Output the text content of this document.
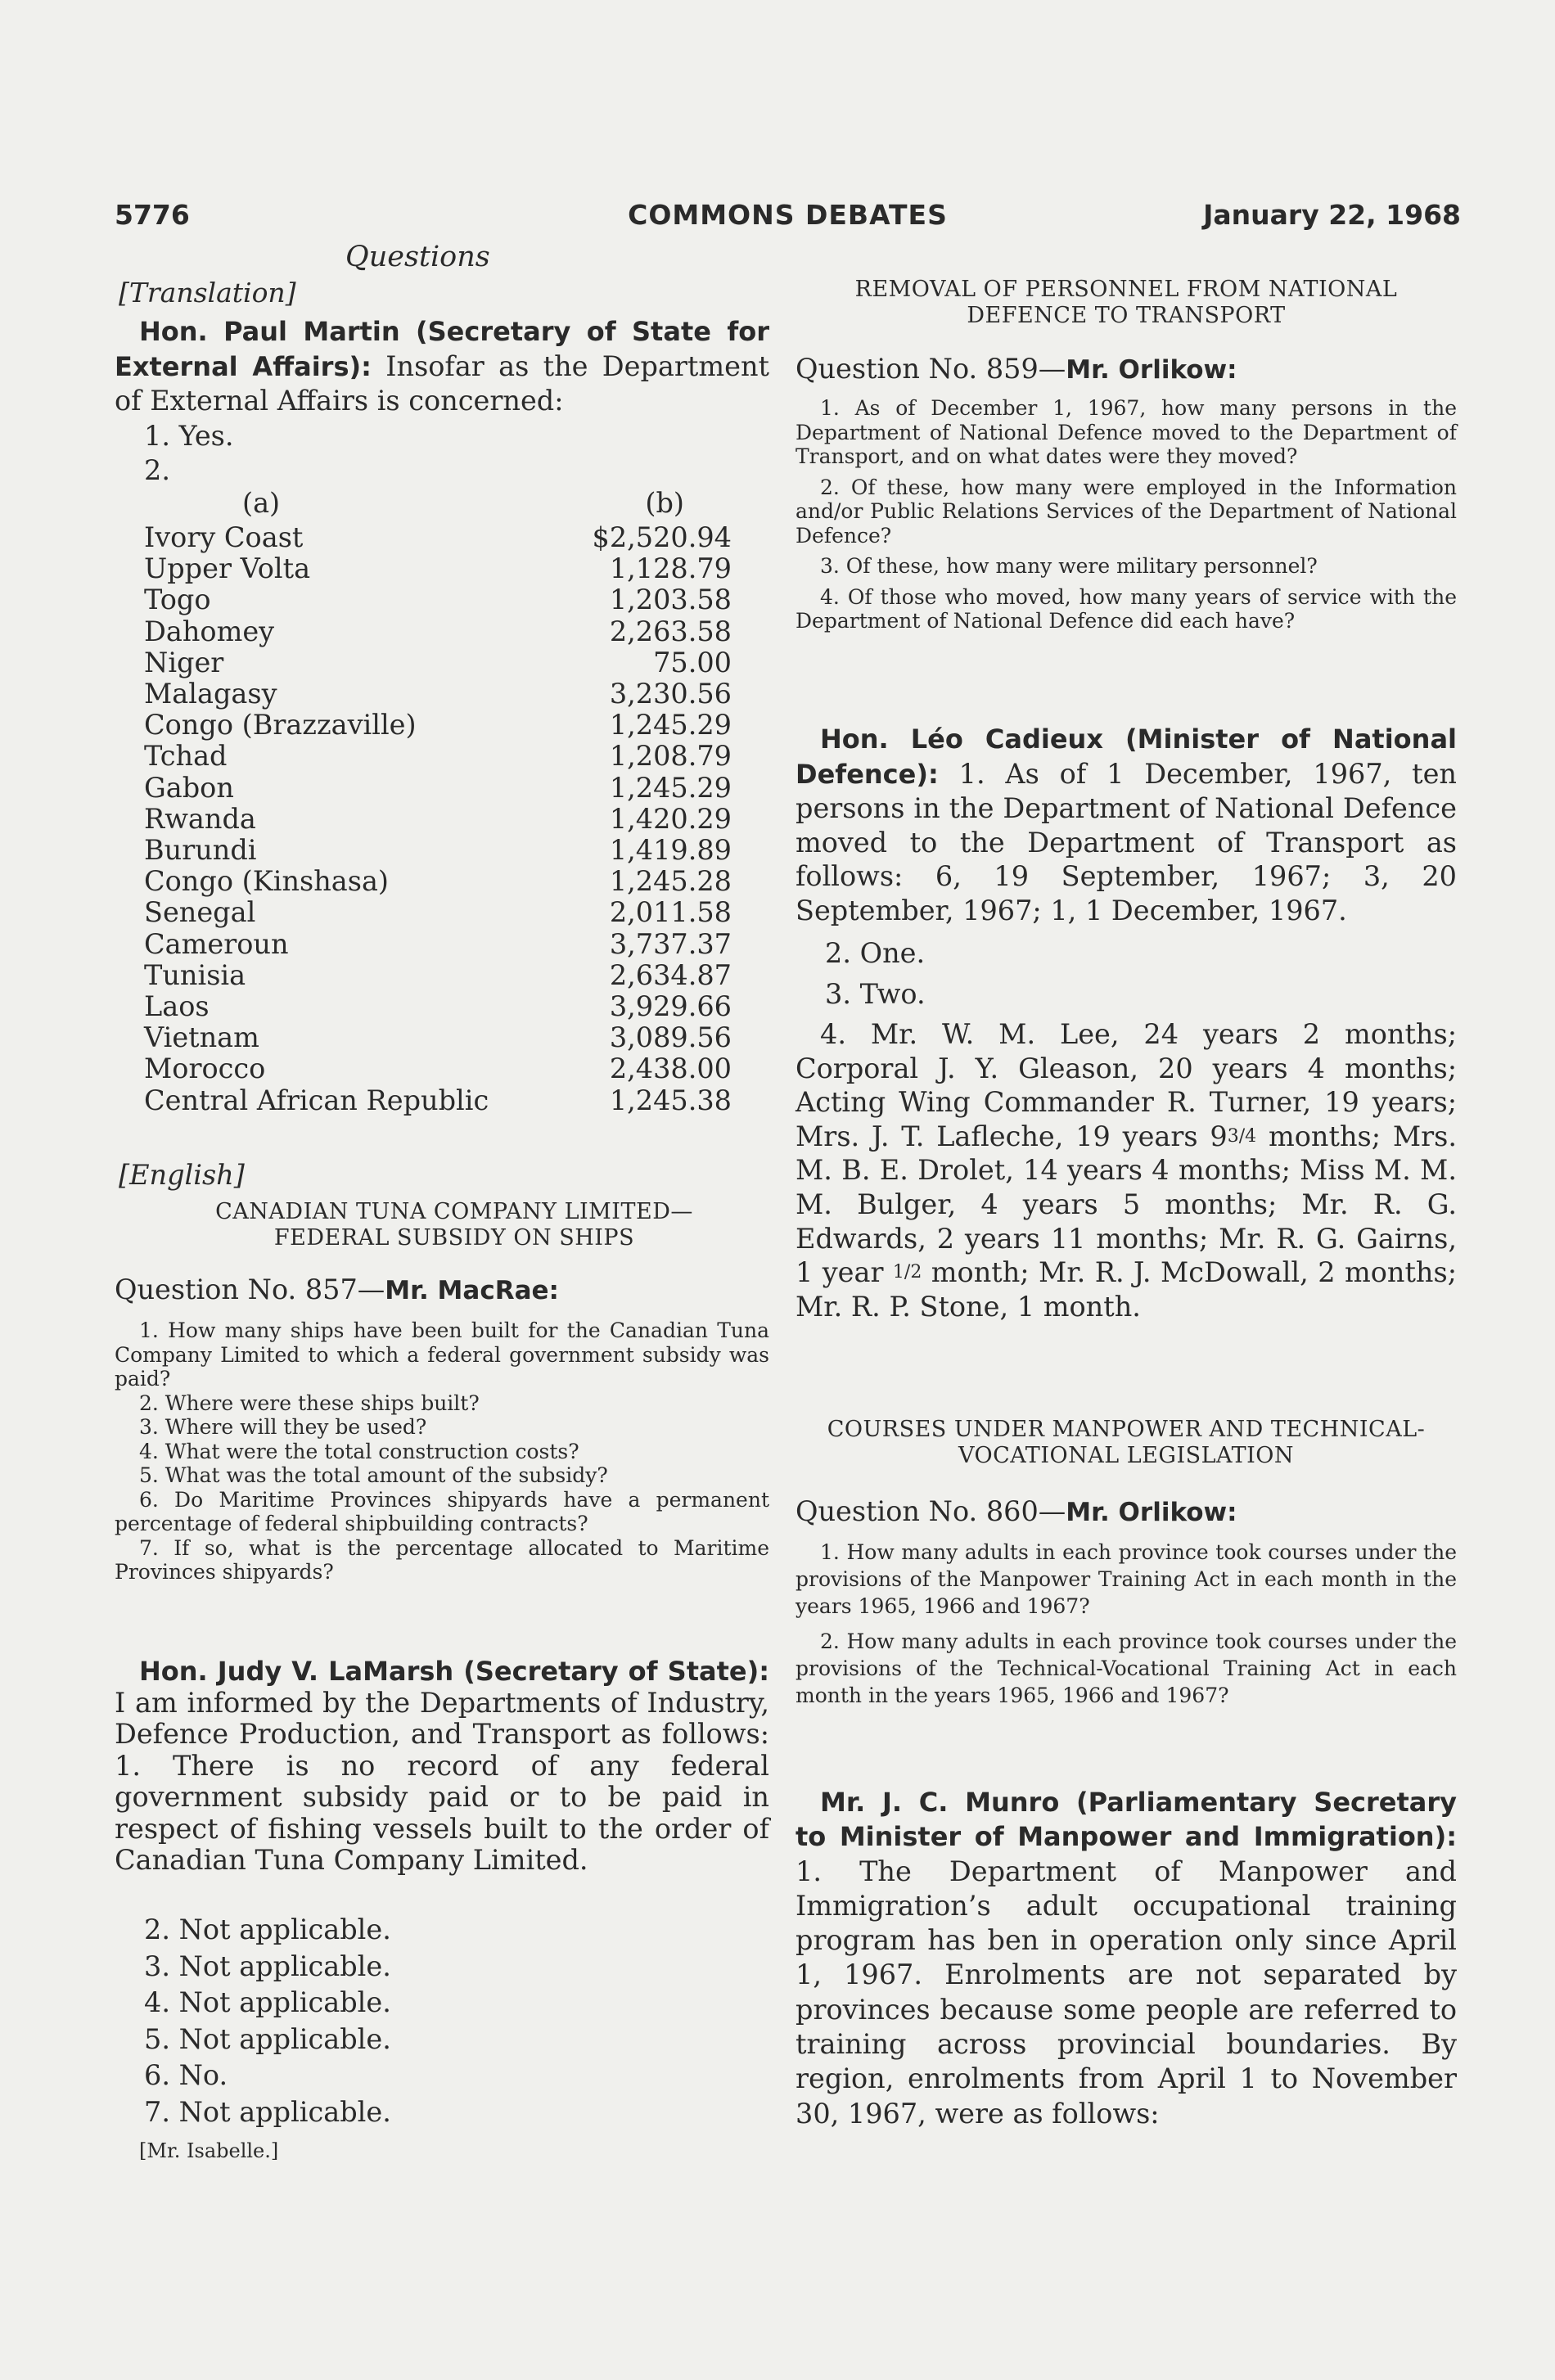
5776	COMMONS DEBATES	January 22, 1968
Questions
[Translation]

Hon. Paul Martin (Secretary of State for External Affairs): Insofar as the Department of External Affairs is concerned:

1. Yes.

2.

(a)	(b)
Ivory Coast	$2,520.94
Upper Volta	1,128.79
Togo	1,203.58
Dahomey	2,263.58
Niger	75.00
Malagasy	3,230.56
Congo (Brazzaville)	1,245.29
Tchad	1,208.79
Gabon	1,245.29
Rwanda	1,420.29
Burundi	1,419.89
Congo (Kinshasa)	1,245.28
Senegal	2,011.58
Cameroun	3,737.37
Tunisia	2,634.87
Laos	3,929.66
Vietnam	3,089.56
Morocco	2,438.00
Central African Republic	1,245.38
[English]
CANADIAN TUNA COMPANY LIMITED—
FEDERAL SUBSIDY ON SHIPS

Question No. 857—Mr. MacRae:

1. How many ships have been built for the Canadian Tuna Company Limited to which a federal government subsidy was paid?

2. Where were these ships built?

3. Where will they be used?

4. What were the total construction costs?

5. What was the total amount of the subsidy?

6. Do Maritime Provinces shipyards have a permanent percentage of federal shipbuilding contracts?

7. If so, what is the percentage allocated to Maritime Provinces shipyards?

Hon. Judy V. LaMarsh (Secretary of State): I am informed by the Departments of Industry, Defence Production, and Transport as follows: 1. There is no record of any federal government subsidy paid or to be paid in respect of fishing vessels built to the order of Canadian Tuna Company Limited.

2. Not applicable.

3. Not applicable.

4. Not applicable.

5. Not applicable.

6. No.

7. Not applicable.

[Mr. Isabelle.]
REMOVAL OF PERSONNEL FROM NATIONAL
DEFENCE TO TRANSPORT

Question No. 859—Mr. Orlikow:

1. As of December 1, 1967, how many persons in the Department of National Defence moved to the Department of Transport, and on what dates were they moved?

2. Of these, how many were employed in the Information and/or Public Relations Services of the Department of National Defence?

3. Of these, how many were military personnel?

4. Of those who moved, how many years of service with the Department of National Defence did each have?

Hon. Léo Cadieux (Minister of National Defence): 1. As of 1 December, 1967, ten persons in the Department of National Defence moved to the Department of Transport as follows: 6, 19 September, 1967; 3, 20 September, 1967; 1, 1 December, 1967.

2. One.

3. Two.

4. Mr. W. M. Lee, 24 years 2 months; Corporal J. Y. Gleason, 20 years 4 months; Acting Wing Commander R. Turner, 19 years; Mrs. J. T. Lafleche, 19 years 93/4 months; Mrs. M. B. E. Drolet, 14 years 4 months; Miss M. M. M. Bulger, 4 years 5 months; Mr. R. G. Edwards, 2 years 11 months; Mr. R. G. Gairns, 1 year 1/2 month; Mr. R. J. McDowall, 2 months; Mr. R. P. Stone, 1 month.

COURSES UNDER MANPOWER AND TECHNICAL-
VOCATIONAL LEGISLATION

Question No. 860—Mr. Orlikow:

1. How many adults in each province took courses under the provisions of the Manpower Training Act in each month in the years 1965, 1966 and 1967?

2. How many adults in each province took courses under the provisions of the Technical-Vocational Training Act in each month in the years 1965, 1966 and 1967?

Mr. J. C. Munro (Parliamentary Secretary to Minister of Manpower and Immigration): 1. The Department of Manpower and Immigration’s adult occupational training program has ben in operation only since April 1, 1967. Enrolments are not separated by provinces because some people are referred to training across provincial boundaries. By region, enrolments from April 1 to November 30, 1967, were as follows:
